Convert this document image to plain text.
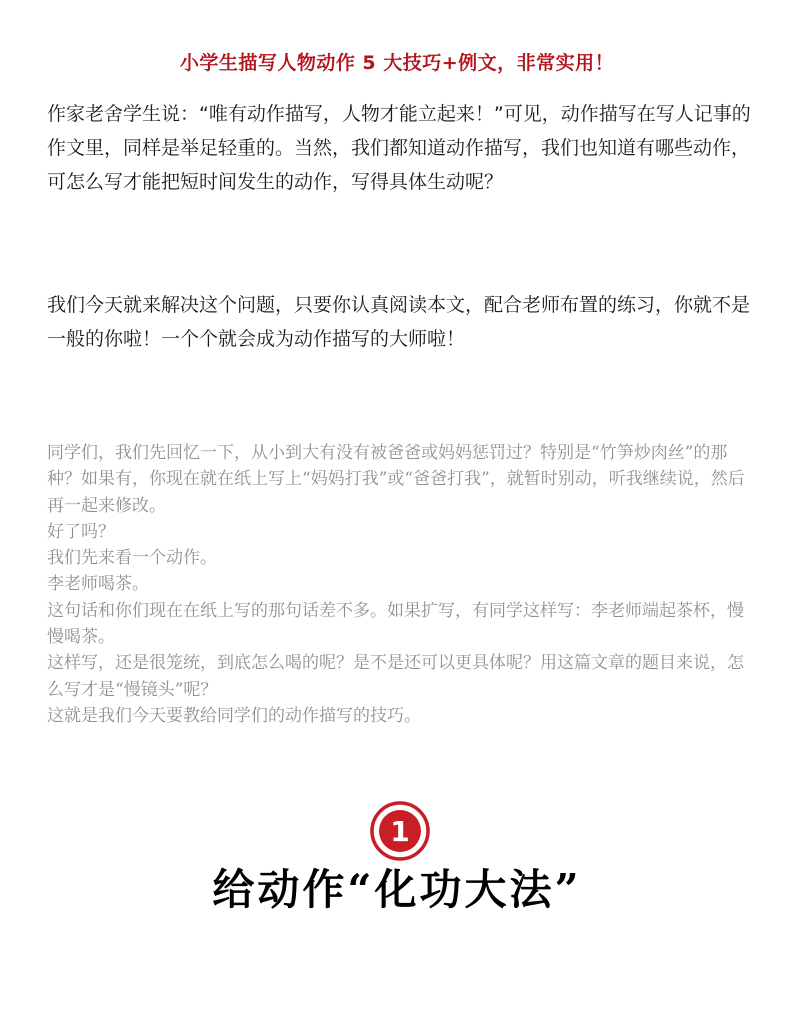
小学生描写人物动作 5 大技巧+例文，非常实用！

作家老舍学生说：“唯有动作描写，人物才能立起来！”可见，动作描写在写人记事的作文里，同样是举足轻重的。当然，我们都知道动作描写，我们也知道有哪些动作，可怎么写才能把短时间发生的动作，写得具体生动呢？

我们今天就来解决这个问题，只要你认真阅读本文，配合老师布置的练习，你就不是一般的你啦！一个个就会成为动作描写的大师啦！

同学们，我们先回忆一下，从小到大有没有被爸爸或妈妈惩罚过？特别是“竹笋炒肉丝”的那种？如果有，你现在就在纸上写上“妈妈打我”或“爸爸打我”，就暂时别动，听我继续说，然后再一起来修改。

好了吗？

我们先来看一个动作。

李老师喝茶。

这句话和你们现在在纸上写的那句话差不多。如果扩写，有同学这样写：李老师端起茶杯，慢慢喝茶。

这样写，还是很笼统，到底怎么喝的呢？是不是还可以更具体呢？用这篇文章的题目来说，怎么写才是“慢镜头”呢？

这就是我们今天要教给同学们的动作描写的技巧。

1
给动作“化功大法”
